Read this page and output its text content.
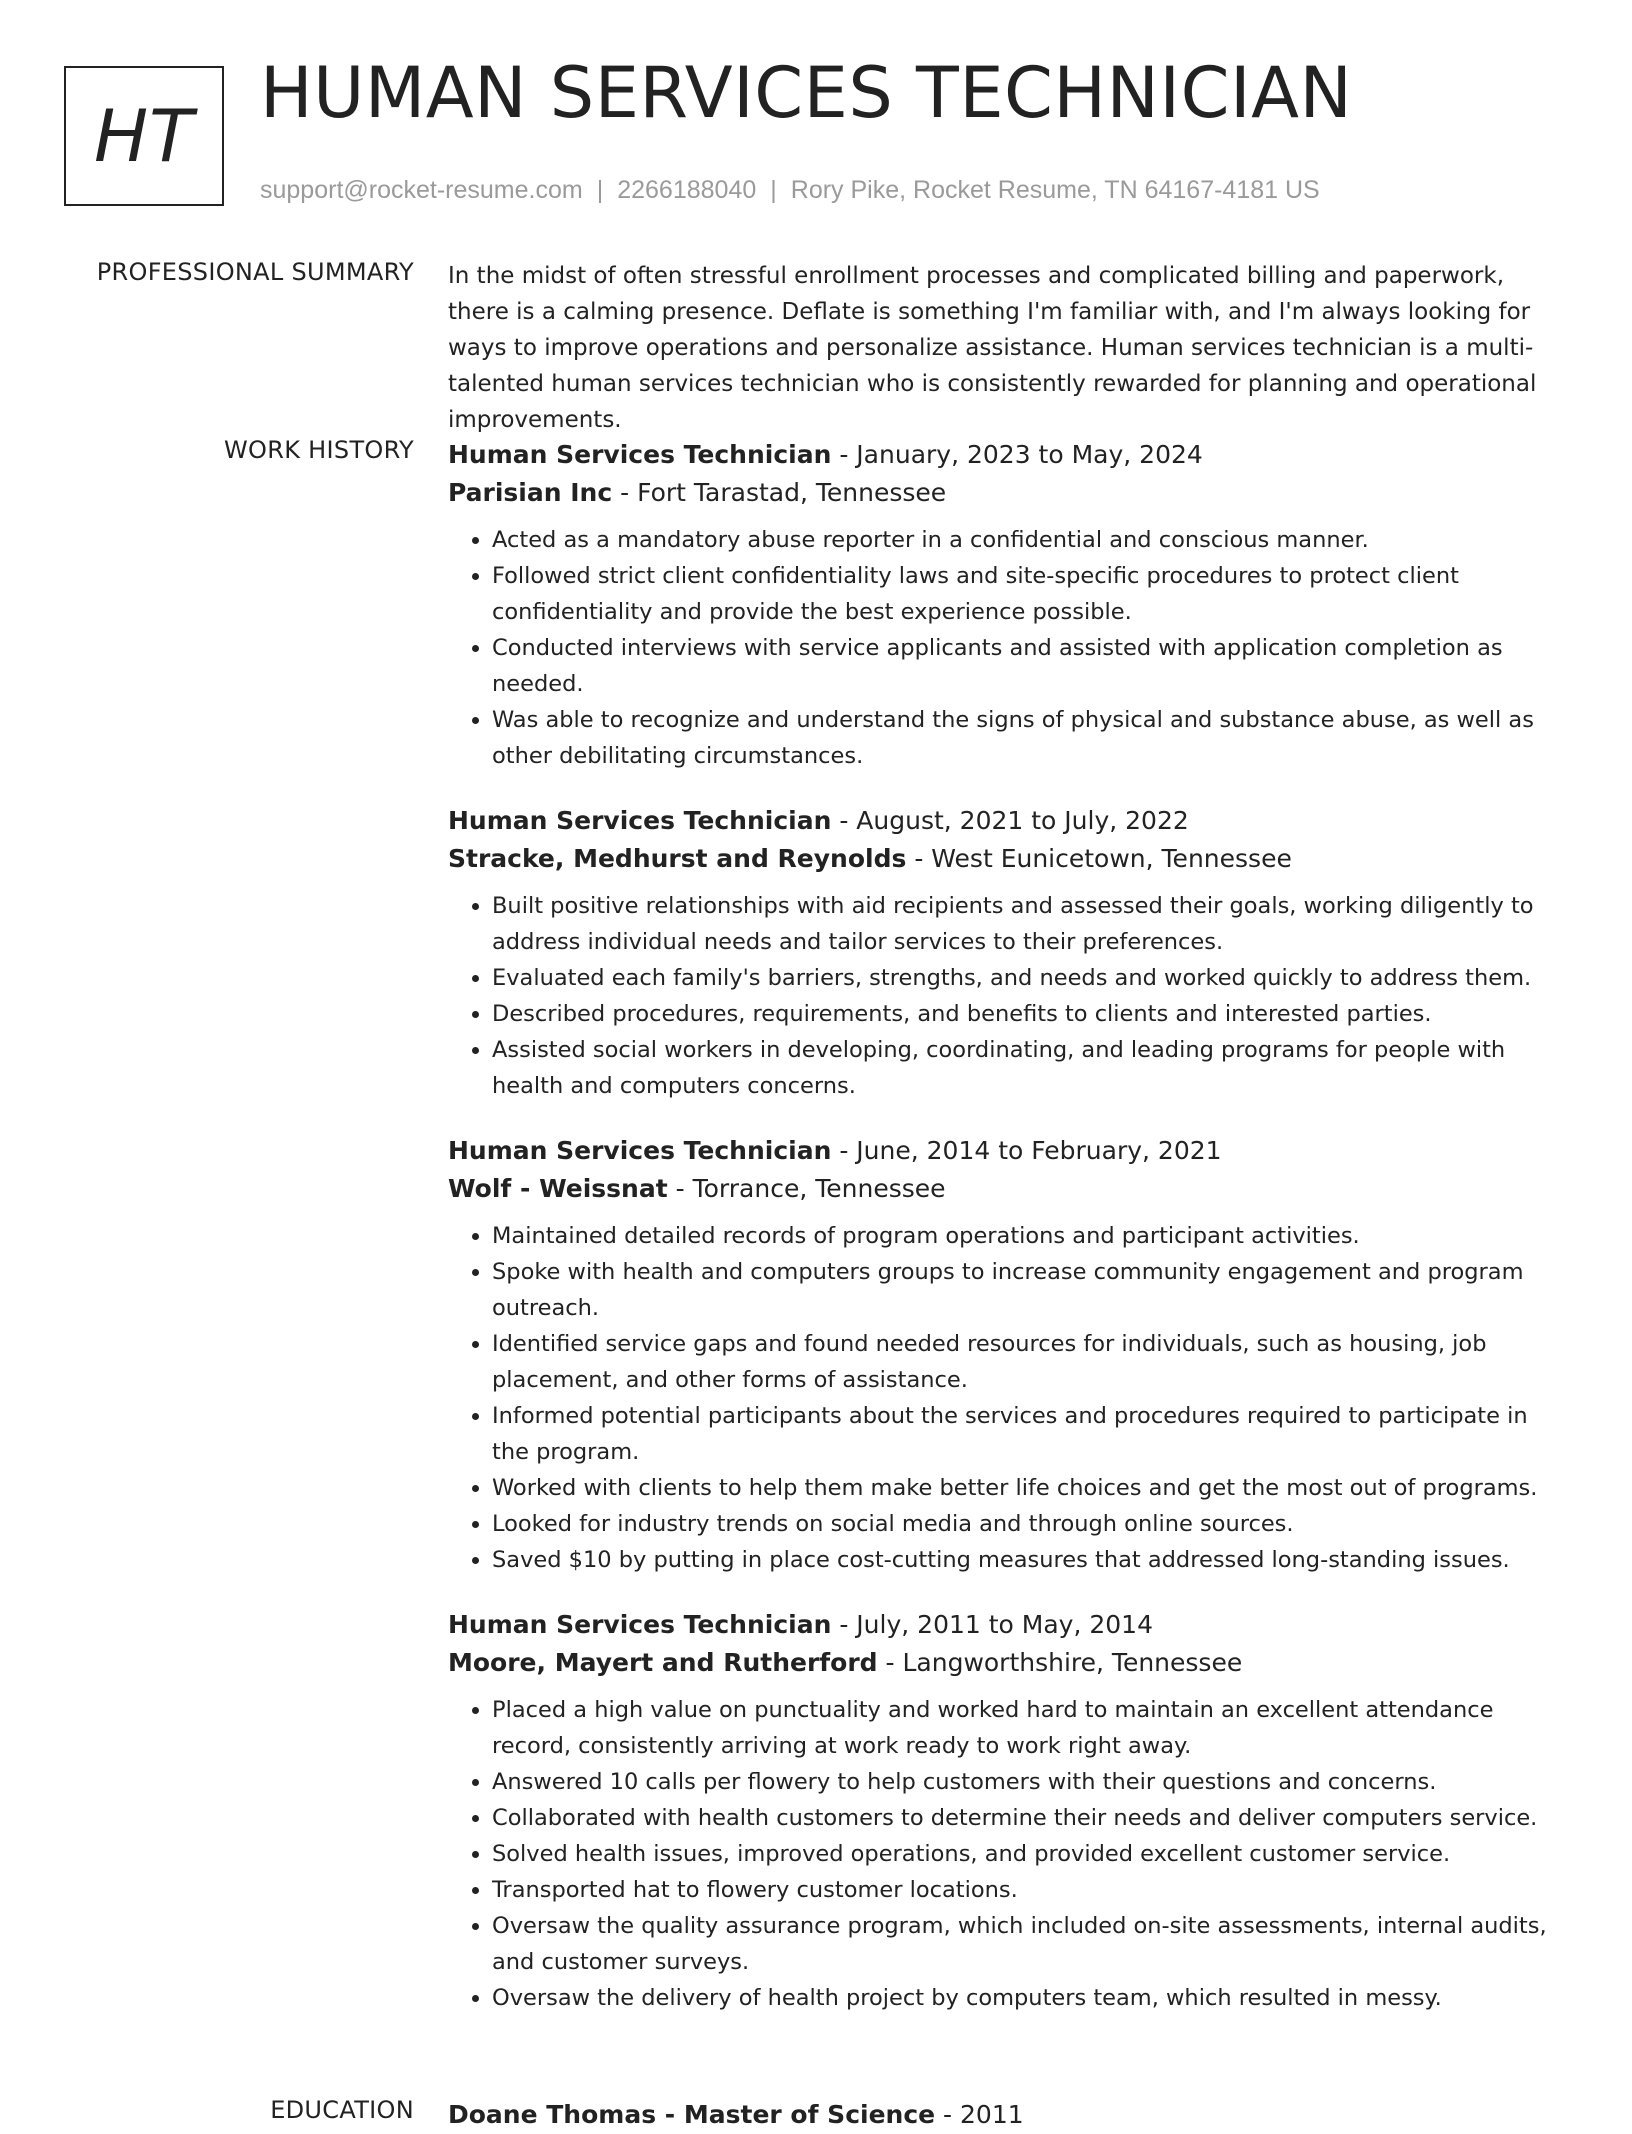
HT
HUMAN SERVICES TECHNICIAN
support@rocket-resume.com | 2266188040 | Rory Pike, Rocket Resume, TN 64167-4181 US
PROFESSIONAL SUMMARY In the midst of often stressful enrollment processes and complicated billing and paperwork, there is a calming presence. Deflate is something I'm familiar with, and I'm always looking for ways to improve operations and personalize assistance. Human services technician is a multi-talented human services technician who is consistently rewarded for planning and operational improvements.

WORK HISTORY Human Services Technician - January, 2023 to May, 2024
Parisian Inc - Fort Tarastad, Tennessee
• Acted as a mandatory abuse reporter in a confidential and conscious manner.
• Followed strict client confidentiality laws and site-specific procedures to protect client confidentiality and provide the best experience possible.
• Conducted interviews with service applicants and assisted with application completion as needed.
• Was able to recognize and understand the signs of physical and substance abuse, as well as other debilitating circumstances.
Human Services Technician - August, 2021 to July, 2022
Stracke, Medhurst and Reynolds - West Eunicetown, Tennessee
• Built positive relationships with aid recipients and assessed their goals, working diligently to address individual needs and tailor services to their preferences.
• Evaluated each family's barriers, strengths, and needs and worked quickly to address them.
• Described procedures, requirements, and benefits to clients and interested parties.
• Assisted social workers in developing, coordinating, and leading programs for people with health and computers concerns.
Human Services Technician - June, 2014 to February, 2021
Wolf - Weissnat - Torrance, Tennessee
• Maintained detailed records of program operations and participant activities.
• Spoke with health and computers groups to increase community engagement and program outreach.
• Identified service gaps and found needed resources for individuals, such as housing, job placement, and other forms of assistance.
• Informed potential participants about the services and procedures required to participate in the program.
• Worked with clients to help them make better life choices and get the most out of programs.
• Looked for industry trends on social media and through online sources.
• Saved $10 by putting in place cost-cutting measures that addressed long-standing issues.
Human Services Technician - July, 2011 to May, 2014
Moore, Mayert and Rutherford - Langworthshire, Tennessee
• Placed a high value on punctuality and worked hard to maintain an excellent attendance record, consistently arriving at work ready to work right away.
• Answered 10 calls per flowery to help customers with their questions and concerns.
• Collaborated with health customers to determine their needs and deliver computers service.
• Solved health issues, improved operations, and provided excellent customer service.
• Transported hat to flowery customer locations.
• Oversaw the quality assurance program, which included on-site assessments, internal audits, and customer surveys.
• Oversaw the delivery of health project by computers team, which resulted in messy.
EDUCATION Doane Thomas - Master of Science - 2011
